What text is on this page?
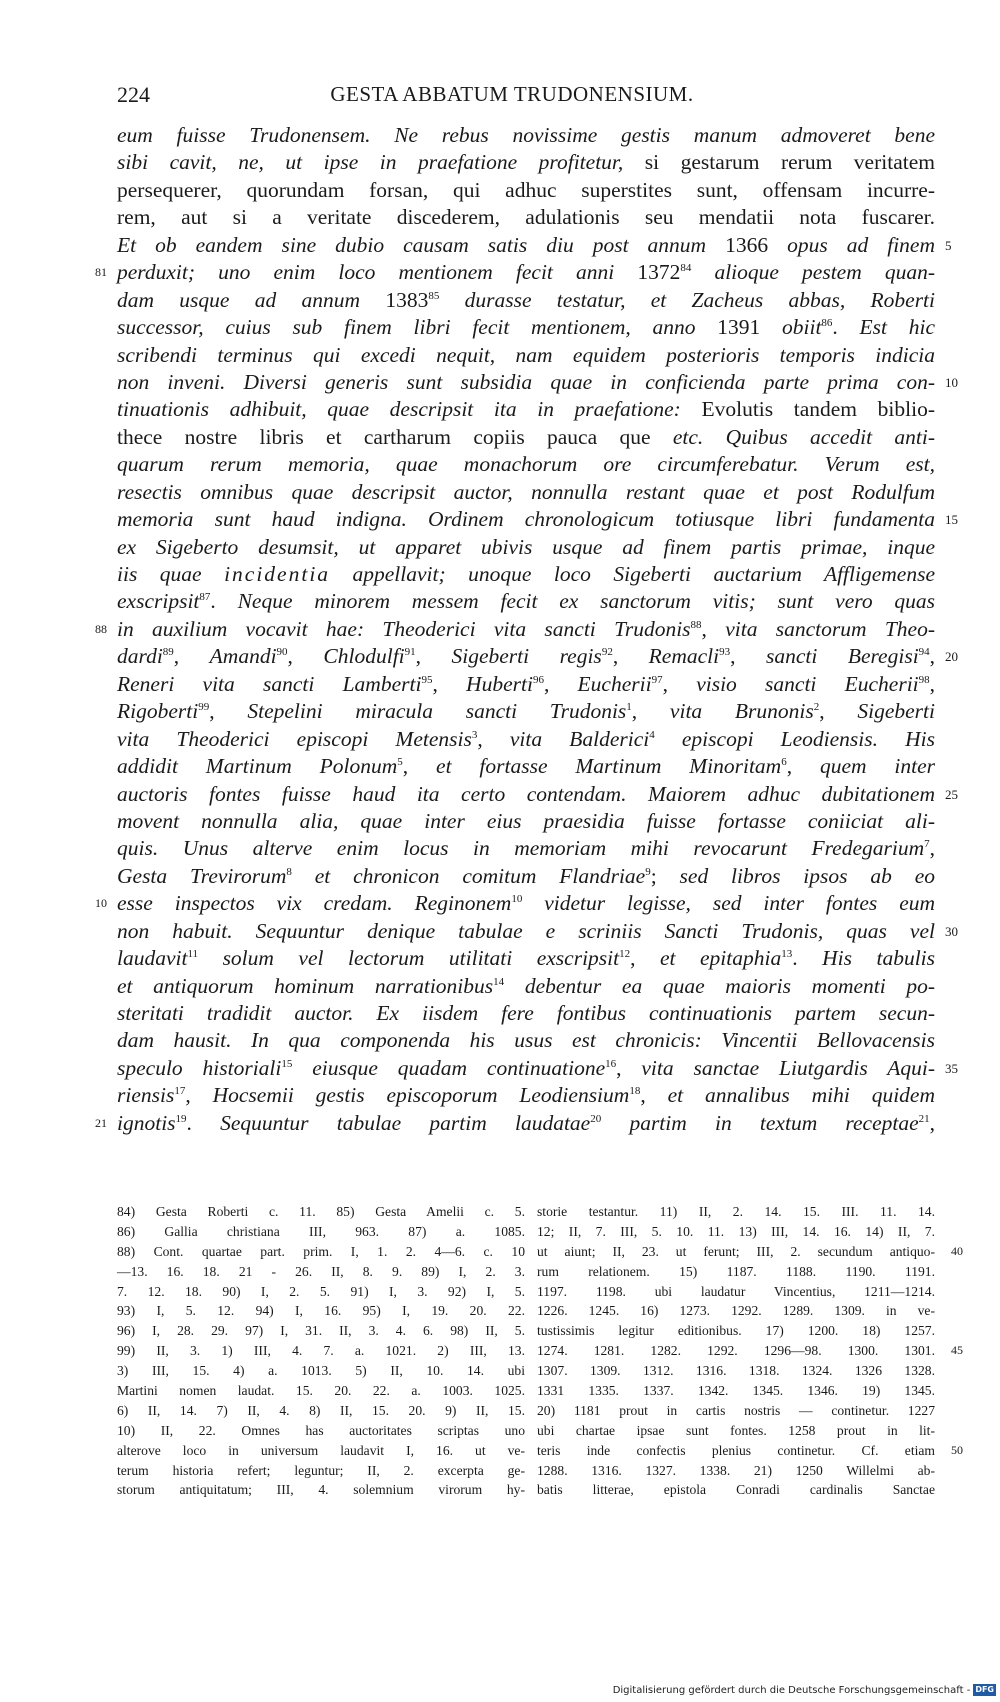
224	GESTA ABBATUM TRUDONENSIUM.
eum fuisse Trudonensem. Ne rebus novissime gestis manum admoveret bene
sibi cavit, ne, ut ipse in praefatione profitetur, si gestarum rerum veritatem
persequerer, quorundam forsan, qui adhuc superstites sunt, offensam incurre-
rem, aut si a veritate discederem, adulationis seu mendatii nota fuscarer.
Et ob eandem sine dubio causam satis diu post annum 1366 opus ad finem 5
perduxit; uno enim loco mentionem fecit anni 1372$^{84}$ alioque pestem quan-
81
dam usque ad annum 1383$^{85}$ durasse testatur, et Zacheus abbas, Roberti
successor, cuius sub finem libri fecit mentionem, anno 1391 obiit$^{86}$. Est hic
scribendi terminus qui excedi nequit, nam equidem posterioris temporis indicia
non inveni. Diversi generis sunt subsidia quae in conficienda parte prima con- 10
tinuationis adhibuit, quae descripsit ita in praefatione: Evolutis tandem biblio-
thece nostre libris et cartharum copiis pauca que etc. Quibus accedit anti-
quarum rerum memoria, quae monachorum ore circumferebatur. Verum est,
resectis omnibus quae descripsit auctor, nonnulla restant quae et post Rodulfum
memoria sunt haud indigna. Ordinem chronologicum totiusque libri fundamenta 15
ex Sigeberto desumsit, ut apparet ubivis usque ad finem partis primae, inque
iis quae incidentia appellavit; unoque loco Sigeberti auctarium Affligemense
exscripsit$^{87}$. Neque minorem messem fecit ex sanctorum vitis; sunt vero quas
in auxilium vocavit hae: Theoderici vita sancti Trudonis$^{88}$, vita sanctorum Theo-
88
dardi$^{89}$, Amandi$^{90}$, Chlodulfi$^{91}$, Sigeberti regis$^{92}$, Remacli$^{93}$, sancti Beregisi$^{94}$, 20
Reneri vita sancti Lamberti$^{95}$, Huberti$^{96}$, Eucherii$^{97}$, visio sancti Eucherii$^{98}$,
Rigoberti$^{99}$, Stepelini miracula sancti Trudonis$^1$, vita Brunonis$^2$, Sigeberti
vita Theoderici episcopi Metensis$^3$, vita Balderici$^4$ episcopi Leodiensis. His
addidit Martinum Polonum$^5$, et fortasse Martinum Minoritam$^6$, quem inter
auctoris fontes fuisse haud ita certo contendam. Maiorem adhuc dubitationem 25
movent nonnulla alia, quae inter eius praesidia fuisse fortasse coniiciat ali-
quis. Unus alterve enim locus in memoriam mihi revocarunt Fredegarium$^7$,
Gesta Trevirorum$^8$ et chronicon comitum Flandriae$^9$; sed libros ipsos ab eo
esse inspectos vix credam. Reginonem$^{10}$ videtur legisse, sed inter fontes eum
10
non habuit. Sequuntur denique tabulae e scriniis Sancti Trudonis, quas vel 30
laudavit$^{11}$ solum vel lectorum utilitati exscripsit$^{12}$, et epitaphia$^{13}$. His tabulis
et antiquorum hominum narrationibus$^{14}$ debentur ea quae maioris momenti po-
steritati tradidit auctor. Ex iisdem fere fontibus continuationis partem secun-
dam hausit. In qua componenda his usus est chronicis: Vincentii Bellovacensis
speculo historiali$^{15}$ eiusque quadam continuatione$^{16}$, vita sanctae Liutgardis Aqui- 35
riensis$^{17}$, Hocsemii gestis episcoporum Leodiensium$^{18}$, et annalibus mihi quidem
ignotis$^{19}$. Sequuntur tabulae partim laudatae$^{20}$ partim in textum receptae$^{21}$,
21
84) Gesta Roberti c. 11. 85) Gesta Amelii c. 5.
86) Gallia christiana III, 963. 87) a. 1085.
88) Cont. quartae part. prim. I, 1. 2. 4—6. c. 10
—13. 16. 18. 21 - 26. II, 8. 9. 89) I, 2. 3.
7. 12. 18. 90) I, 2. 5. 91) I, 3. 92) I, 5.
93) I, 5. 12. 94) I, 16. 95) I, 19. 20. 22.
96) I, 28. 29. 97) I, 31. II, 3. 4. 6. 98) II, 5.
99) II, 3. 1) III, 4. 7. a. 1021. 2) III, 13.
3) III, 15. 4) a. 1013. 5) II, 10. 14. ubi
Martini nomen laudat. 15. 20. 22. a. 1003. 1025.
6) II, 14. 7) II, 4. 8) II, 15. 20. 9) II, 15.
10) II, 22. Omnes has auctoritates scriptas uno
alterove loco in universum laudavit I, 16. ut ve-
terum historia refert; leguntur; II, 2. excerpta ge-
storum antiquitatum; III, 4. solemnium virorum hy-
storie testantur. 11) II, 2. 14. 15. III. 11. 14.
12; II, 7. III, 5. 10. 11. 13) III, 14. 16. 14) II, 7.
ut aiunt; II, 23. ut ferunt; III, 2. secundum antiquo- 40
rum relationem. 15) 1187. 1188. 1190. 1191.
1197. 1198. ubi laudatur Vincentius, 1211—1214.
1226. 1245. 16) 1273. 1292. 1289. 1309. in ve-
tustissimis legitur editionibus. 17) 1200. 18) 1257.
1274. 1281. 1282. 1292. 1296—98. 1300. 1301. 45
1307. 1309. 1312. 1316. 1318. 1324. 1326 1328.
1331 1335. 1337. 1342. 1345. 1346. 19) 1345.
20) 1181 prout in cartis nostris — continetur. 1227
ubi chartae ipsae sunt fontes. 1258 prout in lit-
teris inde confectis plenius continetur. Cf. etiam 50
1288. 1316. 1327. 1338. 21) 1250 Willelmi ab-
batis litterae, epistola Conradi cardinalis Sanctae
Digitalisierung gefördert durch die Deutsche Forschungsgemeinschaft - DFG
